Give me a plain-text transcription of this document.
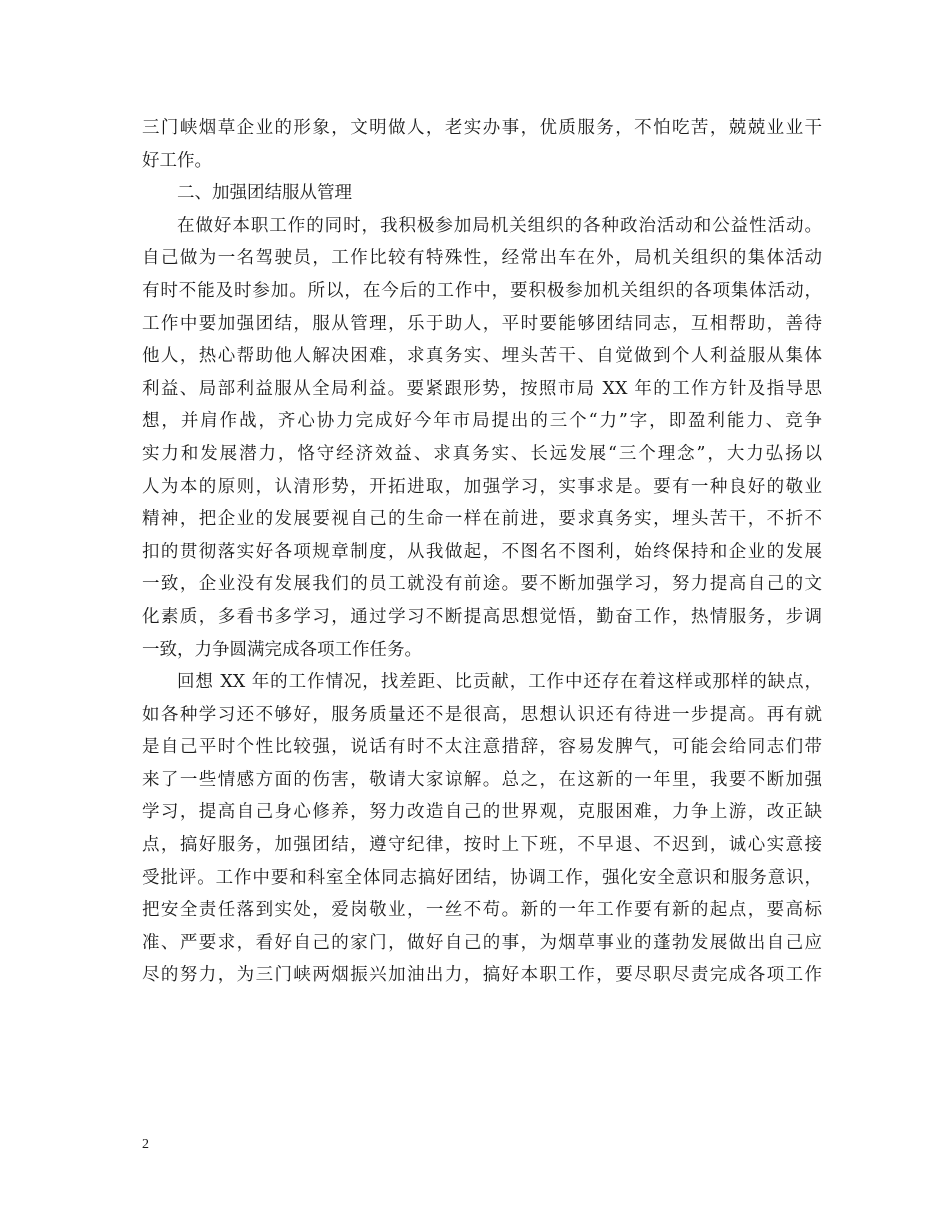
三门峡烟草企业的形象，文明做人，老实办事，优质服务，不怕吃苦，兢兢业业干
好工作。
二、加强团结服从管理
在做好本职工作的同时，我积极参加局机关组织的各种政治活动和公益性活动。
自己做为一名驾驶员，工作比较有特殊性，经常出车在外，局机关组织的集体活动
有时不能及时参加。所以，在今后的工作中，要积极参加机关组织的各项集体活动，
工作中要加强团结，服从管理，乐于助人，平时要能够团结同志，互相帮助，善待
他人，热心帮助他人解决困难，求真务实、埋头苦干、自觉做到个人利益服从集体
利益、局部利益服从全局利益。要紧跟形势，按照市局 XX 年的工作方针及指导思
想，并肩作战，齐心协力完成好今年市局提出的三个“力”字，即盈利能力、竞争
实力和发展潜力，恪守经济效益、求真务实、长远发展“三个理念”，大力弘扬以
人为本的原则，认清形势，开拓进取，加强学习，实事求是。要有一种良好的敬业
精神，把企业的发展要视自己的生命一样在前进，要求真务实，埋头苦干，不折不
扣的贯彻落实好各项规章制度，从我做起，不图名不图利，始终保持和企业的发展
一致，企业没有发展我们的员工就没有前途。要不断加强学习，努力提高自己的文
化素质，多看书多学习，通过学习不断提高思想觉悟，勤奋工作，热情服务，步调
一致，力争圆满完成各项工作任务。
回想 XX 年的工作情况，找差距、比贡献，工作中还存在着这样或那样的缺点，
如各种学习还不够好，服务质量还不是很高，思想认识还有待进一步提高。再有就
是自己平时个性比较强，说话有时不太注意措辞，容易发脾气，可能会给同志们带
来了一些情感方面的伤害，敬请大家谅解。总之，在这新的一年里，我要不断加强
学习，提高自己身心修养，努力改造自己的世界观，克服困难，力争上游，改正缺
点，搞好服务，加强团结，遵守纪律，按时上下班，不早退、不迟到，诚心实意接
受批评。工作中要和科室全体同志搞好团结，协调工作，强化安全意识和服务意识，
把安全责任落到实处，爱岗敬业，一丝不苟。新的一年工作要有新的起点，要高标
准、严要求，看好自己的家门，做好自己的事，为烟草事业的蓬勃发展做出自己应
尽的努力，为三门峡两烟振兴加油出力，搞好本职工作，要尽职尽责完成各项工作
2
